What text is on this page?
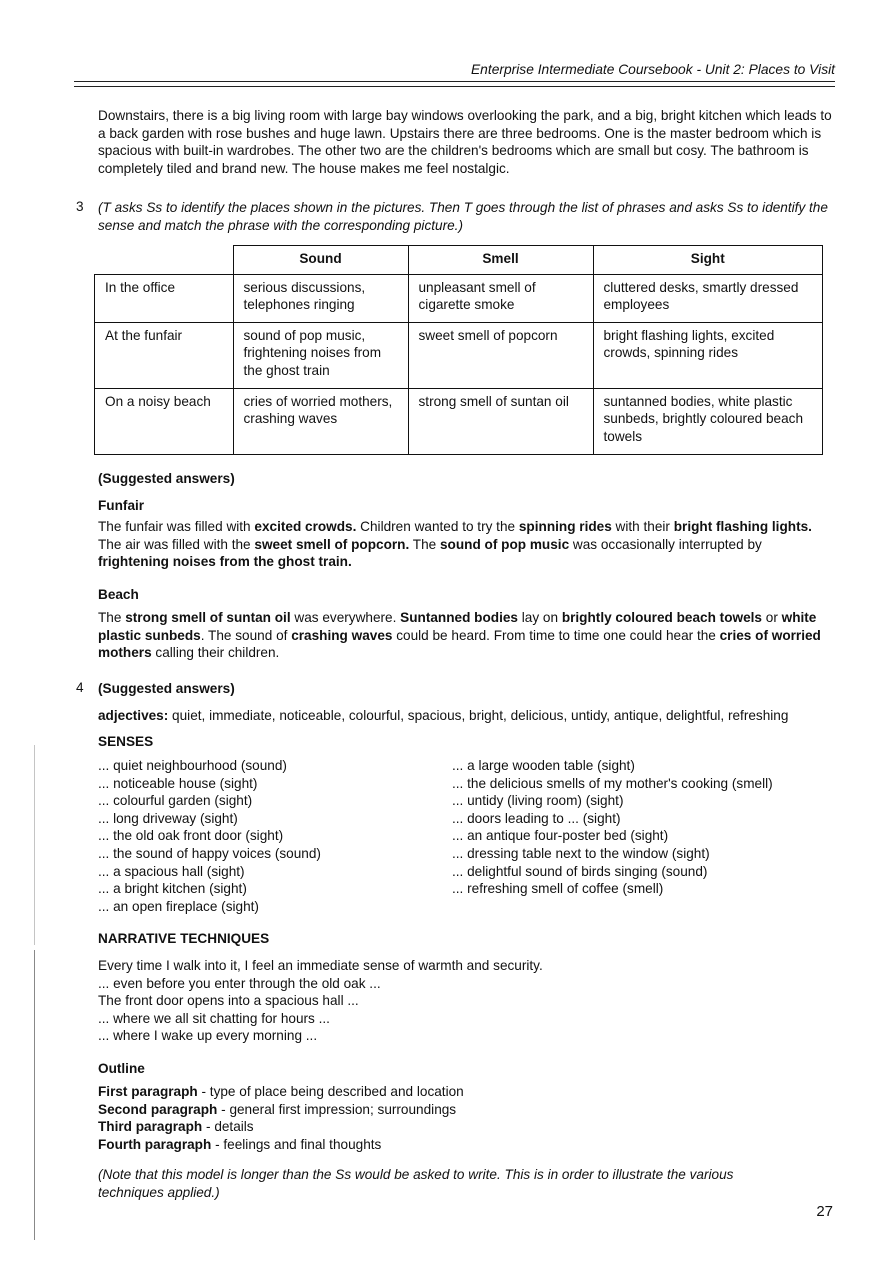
Enterprise Intermediate Coursebook - Unit 2: Places to Visit

Downstairs, there is a big living room with large bay windows overlooking the park, and a big, bright kitchen which leads to a back garden with rose bushes and huge lawn. Upstairs there are three bedrooms. One is the master bedroom which is spacious with built-in wardrobes. The other two are the children's bedrooms which are small but cosy. The bathroom is completely tiled and brand new. The house makes me feel nostalgic.

3 (T asks Ss to identify the places shown in the pictures. Then T goes through the list of phrases and asks Ss to identify the sense and match the phrase with the corresponding picture.)

	Sound	Smell	Sight
In the office	serious discussions, telephones ringing	unpleasant smell of cigarette smoke	cluttered desks, smartly dressed employees
At the funfair	sound of pop music, frightening noises from the ghost train	sweet smell of popcorn	bright flashing lights, excited crowds, spinning rides
On a noisy beach	cries of worried mothers, crashing waves	strong smell of suntan oil	suntanned bodies, white plastic sunbeds, brightly coloured beach towels
(Suggested answers)
Funfair

The funfair was filled with excited crowds. Children wanted to try the spinning rides with their bright flashing lights. The air was filled with the sweet smell of popcorn. The sound of pop music was occasionally interrupted by frightening noises from the ghost train.

Beach

The strong smell of suntan oil was everywhere. Suntanned bodies lay on brightly coloured beach towels or white plastic sunbeds. The sound of crashing waves could be heard. From time to time one could hear the cries of worried mothers calling their children.

4 (Suggested answers)
adjectives: quiet, immediate, noticeable, colourful, spacious, bright, delicious, untidy, antique, delightful, refreshing
SENSES
... quiet neighbourhood (sound)
... noticeable house (sight)
... colourful garden (sight)
... long driveway (sight)
... the old oak front door (sight)
... the sound of happy voices (sound)
... a spacious hall (sight)
... a bright kitchen (sight)
... an open fireplace (sight)
... a large wooden table (sight)
... the delicious smells of my mother's cooking (smell)
... untidy (living room) (sight)
... doors leading to ... (sight)
... an antique four-poster bed (sight)
... dressing table next to the window (sight)
... delightful sound of birds singing (sound)
... refreshing smell of coffee (smell)
NARRATIVE TECHNIQUES
Every time I walk into it, I feel an immediate sense of warmth and security.
... even before you enter through the old oak ...
The front door opens into a spacious hall ...
... where we all sit chatting for hours ...
... where I wake up every morning ...
Outline
First paragraph - type of place being described and location
Second paragraph - general first impression; surroundings
Third paragraph - details
Fourth paragraph - feelings and final thoughts

(Note that this model is longer than the Ss would be asked to write. This is in order to illustrate the various techniques applied.)

27
